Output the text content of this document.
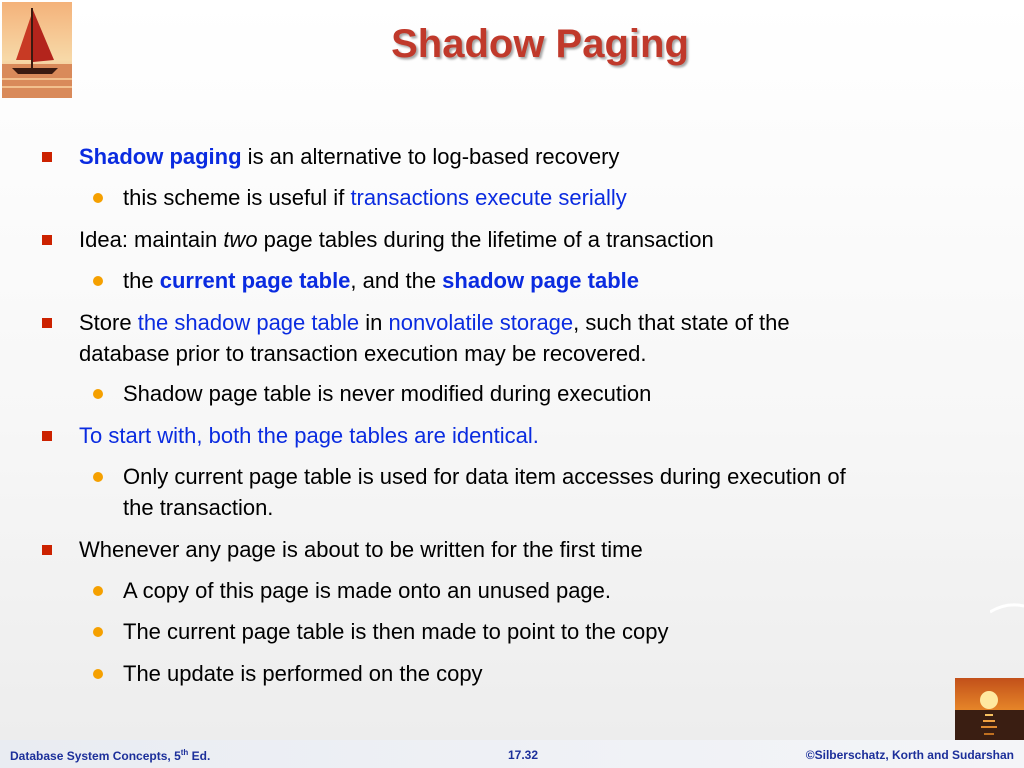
Shadow Paging
Shadow paging is an alternative to log-based recovery
this scheme is useful if transactions execute serially
Idea: maintain two page tables during the lifetime of a transaction
the current page table, and the shadow page table
Store the shadow page table in nonvolatile storage, such that state of the
database prior to transaction execution may be recovered.
Shadow page table is never modified during execution
To start with, both the page tables are identical.
Only current page table is used for data item accesses during execution of
the transaction.
Whenever any page is about to be written for the first time
A copy of this page is made onto an unused page.
The current page table is then made to point to the copy
The update is performed on the copy
Database System Concepts, 5th Ed.	17.32	©Silberschatz, Korth and Sudarshan
